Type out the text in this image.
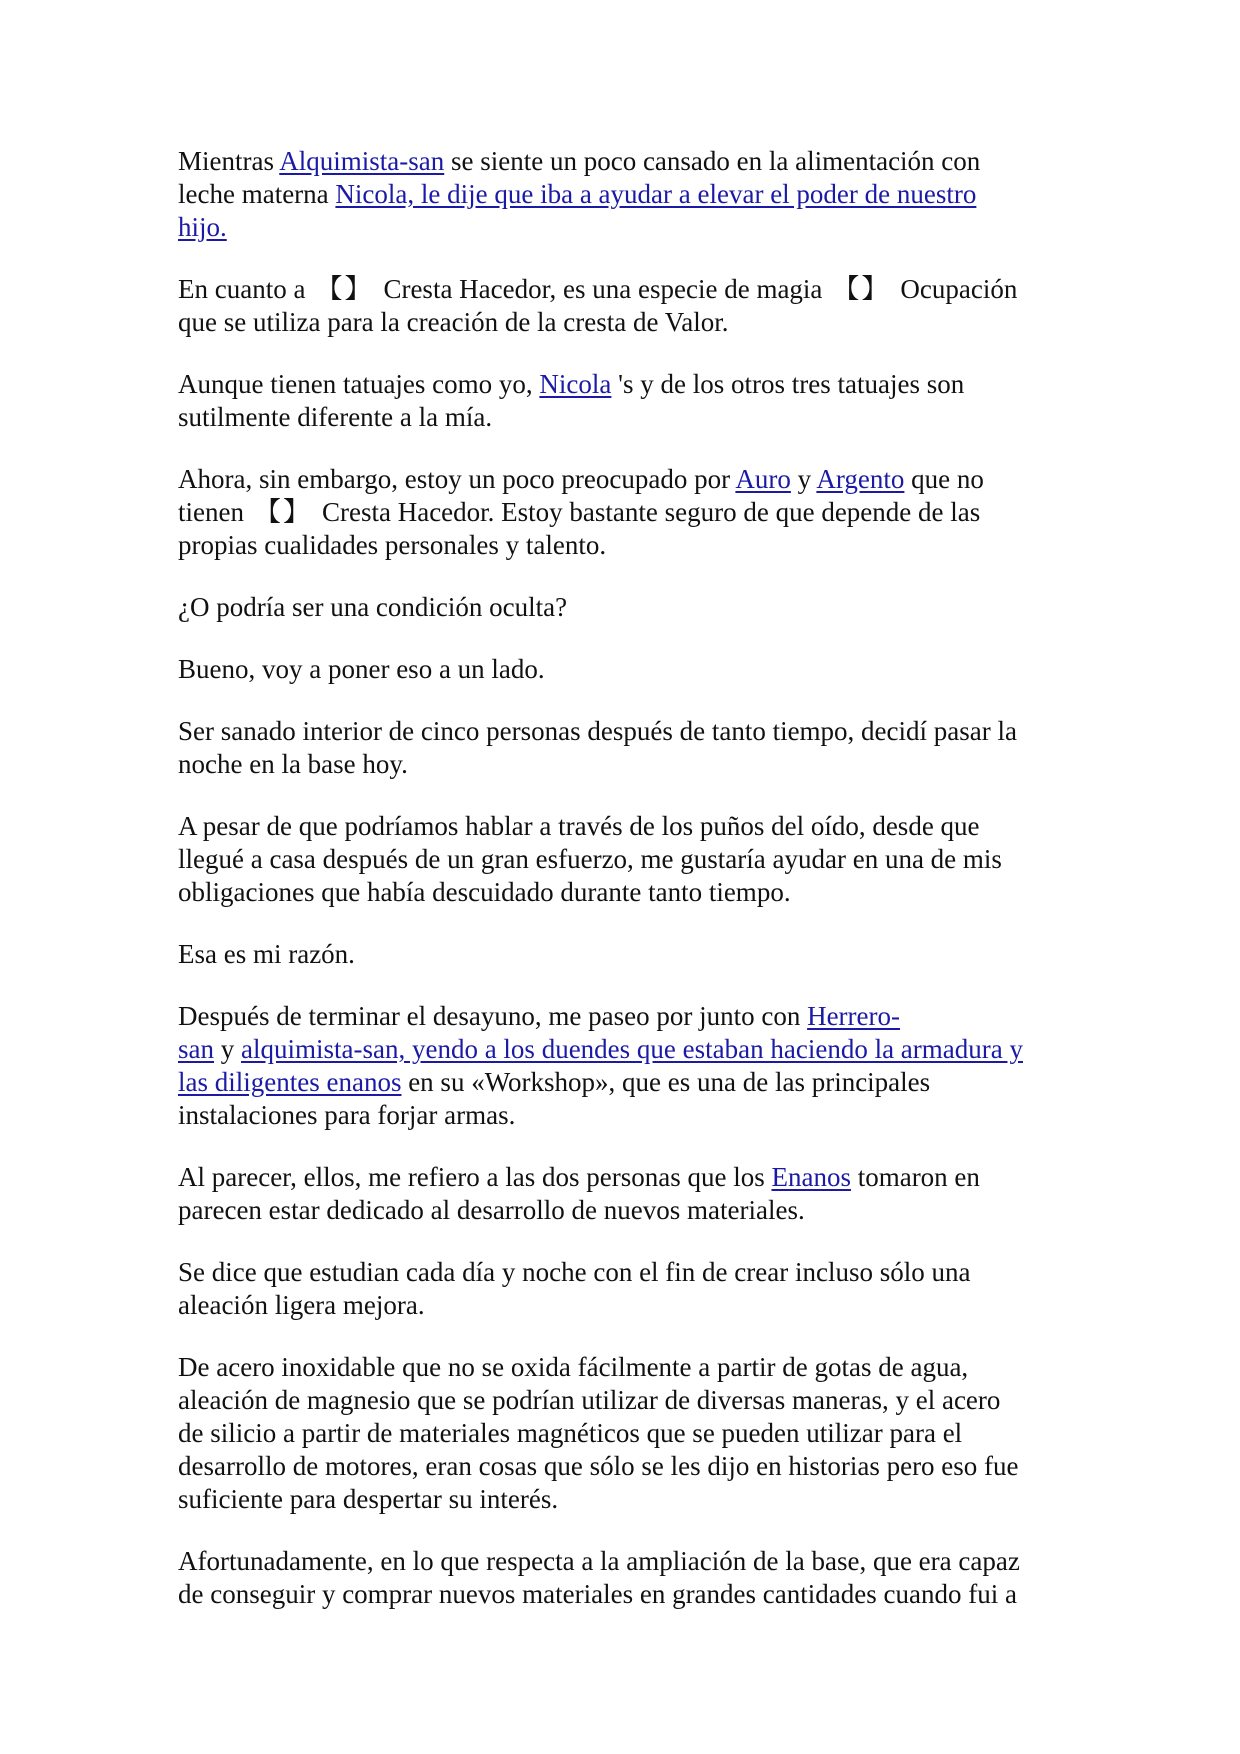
Mientras Alquimista-san se siente un poco cansado en la alimentación con
leche materna Nicola, le dije que iba a ayudar a elevar el poder de nuestro
hijo.

En cuanto a 【】 Cresta Hacedor, es una especie de magia 【】 Ocupación
que se utiliza para la creación de la cresta de Valor.

Aunque tienen tatuajes como yo, Nicola 's y de los otros tres tatuajes son
sutilmente diferente a la mía.

Ahora, sin embargo, estoy un poco preocupado por Auro y Argento que no
tienen 【】 Cresta Hacedor. Estoy bastante seguro de que depende de las
propias cualidades personales y talento.

¿O podría ser una condición oculta?

Bueno, voy a poner eso a un lado.

Ser sanado interior de cinco personas después de tanto tiempo, decidí pasar la
noche en la base hoy.

A pesar de que podríamos hablar a través de los puños del oído, desde que
llegué a casa después de un gran esfuerzo, me gustaría ayudar en una de mis
obligaciones que había descuidado durante tanto tiempo.

Esa es mi razón.

Después de terminar el desayuno, me paseo por junto con Herrero-
san y alquimista-san, yendo a los duendes que estaban haciendo la armadura y
las diligentes enanos en su «Workshop», que es una de las principales
instalaciones para forjar armas.

Al parecer, ellos, me refiero a las dos personas que los Enanos tomaron en
parecen estar dedicado al desarrollo de nuevos materiales.

Se dice que estudian cada día y noche con el fin de crear incluso sólo una
aleación ligera mejora.

De acero inoxidable que no se oxida fácilmente a partir de gotas de agua,
aleación de magnesio que se podrían utilizar de diversas maneras, y el acero
de silicio a partir de materiales magnéticos que se pueden utilizar para el
desarrollo de motores, eran cosas que sólo se les dijo en historias pero eso fue
suficiente para despertar su interés.

Afortunadamente, en lo que respecta a la ampliación de la base, que era capaz
de conseguir y comprar nuevos materiales en grandes cantidades cuando fui a
